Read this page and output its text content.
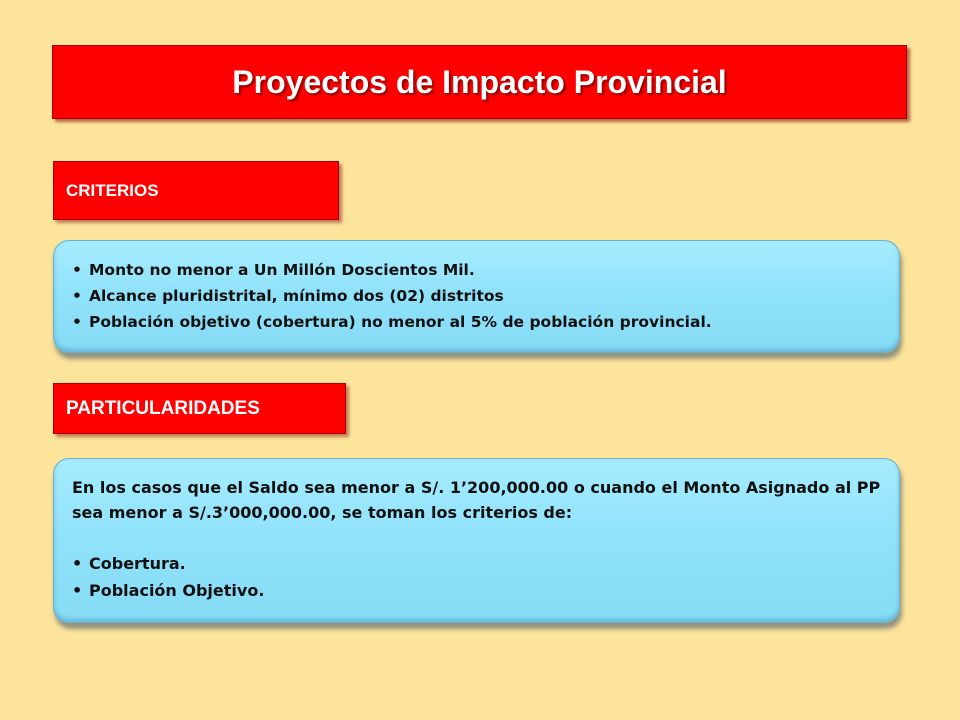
Proyectos de Impacto Provincial
CRITERIOS
• Monto no menor a Un Millón Doscientos Mil.
• Alcance pluridistrital, mínimo dos (02) distritos
• Población objetivo (cobertura) no menor al 5% de población provincial.
PARTICULARIDADES

En los casos que el Saldo sea menor a S/. 1’200,000.00 o cuando el Monto Asignado al PP sea menor a S/.3’000,000.00, se toman los criterios de:

• Cobertura.
• Población Objetivo.
